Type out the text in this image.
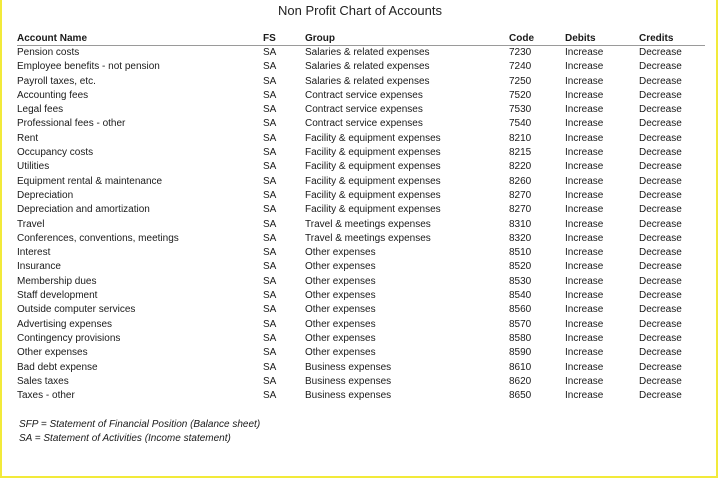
Non Profit Chart of Accounts
Account Name	FS	Group	Code	Debits	Credits
Pension costs	SA	Salaries & related expenses	7230	Increase	Decrease
Employee benefits - not pension	SA	Salaries & related expenses	7240	Increase	Decrease
Payroll taxes, etc.	SA	Salaries & related expenses	7250	Increase	Decrease
Accounting fees	SA	Contract service expenses	7520	Increase	Decrease
Legal fees	SA	Contract service expenses	7530	Increase	Decrease
Professional fees - other	SA	Contract service expenses	7540	Increase	Decrease
Rent	SA	Facility & equipment expenses	8210	Increase	Decrease
Occupancy costs	SA	Facility & equipment expenses	8215	Increase	Decrease
Utilities	SA	Facility & equipment expenses	8220	Increase	Decrease
Equipment rental & maintenance	SA	Facility & equipment expenses	8260	Increase	Decrease
Depreciation	SA	Facility & equipment expenses	8270	Increase	Decrease
Depreciation and amortization	SA	Facility & equipment expenses	8270	Increase	Decrease
Travel	SA	Travel & meetings expenses	8310	Increase	Decrease
Conferences, conventions, meetings	SA	Travel & meetings expenses	8320	Increase	Decrease
Interest	SA	Other expenses	8510	Increase	Decrease
Insurance	SA	Other expenses	8520	Increase	Decrease
Membership dues	SA	Other expenses	8530	Increase	Decrease
Staff development	SA	Other expenses	8540	Increase	Decrease
Outside computer services	SA	Other expenses	8560	Increase	Decrease
Advertising expenses	SA	Other expenses	8570	Increase	Decrease
Contingency provisions	SA	Other expenses	8580	Increase	Decrease
Other expenses	SA	Other expenses	8590	Increase	Decrease
Bad debt expense	SA	Business expenses	8610	Increase	Decrease
Sales taxes	SA	Business expenses	8620	Increase	Decrease
Taxes - other	SA	Business expenses	8650	Increase	Decrease
SFP = Statement of Financial Position (Balance sheet)
SA = Statement of Activities (Income statement)
